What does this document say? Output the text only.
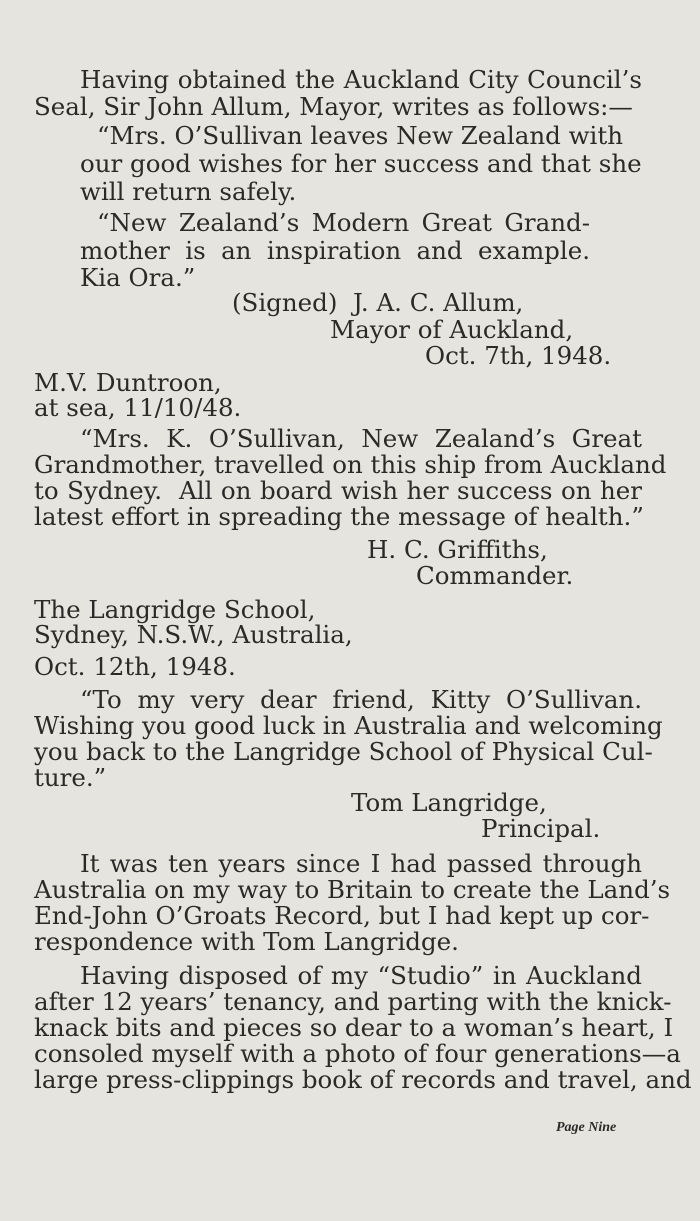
Having obtained the Auckland City Council’s
Seal, Sir John Allum, Mayor, writes as follows:—
“Mrs. O’Sullivan leaves New Zealand with
our good wishes for her success and that she
will return safely.
“New Zealand’s Modern Great Grand-
mother is an inspiration and example.
Kia Ora.”
(Signed)  J. A. C. Allum,
Mayor of Auckland,
Oct. 7th, 1948.
M.V. Duntroon,
at sea, 11/10/48.
“Mrs. K. O’Sullivan, New Zealand’s Great
Grandmother, travelled on this ship from Auckland
to Sydney.  All on board wish her success on her
latest effort in spreading the message of health.”
H. C. Griffiths,
Commander.
The Langridge School,
Sydney, N.S.W., Australia,
Oct. 12th, 1948.
“To my very dear friend, Kitty O’Sullivan.
Wishing you good luck in Australia and welcoming
you back to the Langridge School of Physical Cul-
ture.”
Tom Langridge,
Principal.
It was ten years since I had passed through
Australia on my way to Britain to create the Land’s
End-John O’Groats Record, but I had kept up cor-
respondence with Tom Langridge.
Having disposed of my “Studio” in Auckland
after 12 years’ tenancy, and parting with the knick-
knack bits and pieces so dear to a woman’s heart, I
consoled myself with a photo of four generations—a
large press-clippings book of records and travel, and
Page Nine
